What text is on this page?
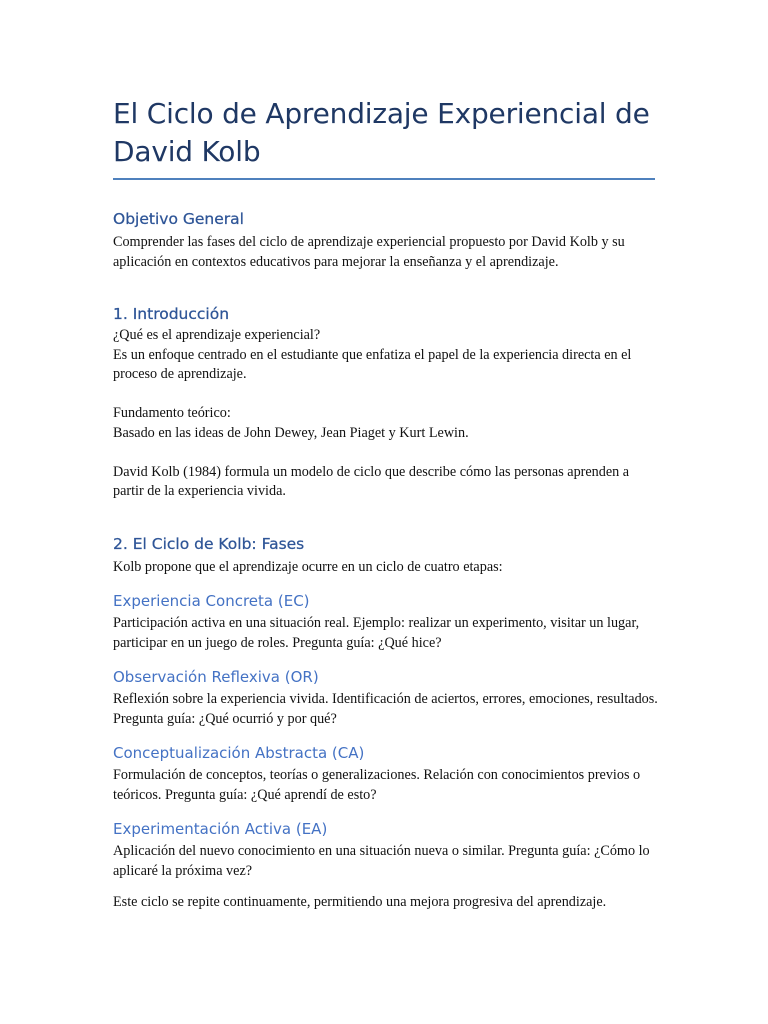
El Ciclo de Aprendizaje Experiencial de David Kolb
Objetivo General

Comprender las fases del ciclo de aprendizaje experiencial propuesto por David Kolb y su aplicación en contextos educativos para mejorar la enseñanza y el aprendizaje.

1. Introducción

¿Qué es el aprendizaje experiencial?

Es un enfoque centrado en el estudiante que enfatiza el papel de la experiencia directa en el proceso de aprendizaje.

Fundamento teórico:

Basado en las ideas de John Dewey, Jean Piaget y Kurt Lewin.

David Kolb (1984) formula un modelo de ciclo que describe cómo las personas aprenden a partir de la experiencia vivida.

2. El Ciclo de Kolb: Fases

Kolb propone que el aprendizaje ocurre en un ciclo de cuatro etapas:

Experiencia Concreta (EC)

Participación activa en una situación real. Ejemplo: realizar un experimento, visitar un lugar, participar en un juego de roles. Pregunta guía: ¿Qué hice?

Observación Reflexiva (OR)

Reflexión sobre la experiencia vivida. Identificación de aciertos, errores, emociones, resultados. Pregunta guía: ¿Qué ocurrió y por qué?

Conceptualización Abstracta (CA)

Formulación de conceptos, teorías o generalizaciones. Relación con conocimientos previos o teóricos. Pregunta guía: ¿Qué aprendí de esto?

Experimentación Activa (EA)

Aplicación del nuevo conocimiento en una situación nueva o similar. Pregunta guía: ¿Cómo lo aplicaré la próxima vez?

Este ciclo se repite continuamente, permitiendo una mejora progresiva del aprendizaje.
